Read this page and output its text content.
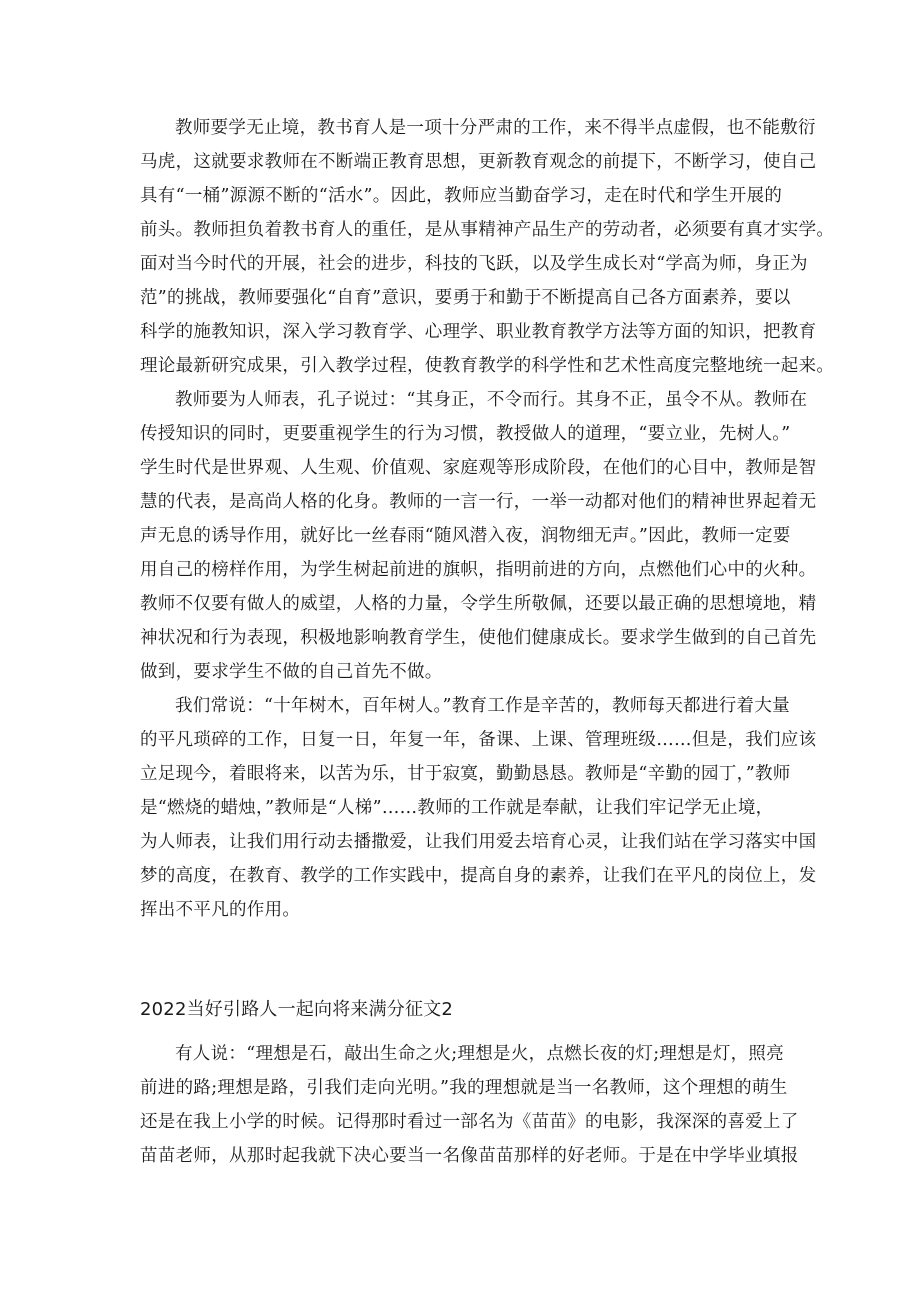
教师要学无止境，教书育人是一项十分严肃的工作，来不得半点虚假，也不能敷衍
马虎，这就要求教师在不断端正教育思想，更新教育观念的前提下，不断学习，使自己
具有“一桶”源源不断的“活水”。因此，教师应当勤奋学习，走在时代和学生开展的
前头。教师担负着教书育人的重任，是从事精神产品生产的劳动者，必须要有真才实学。
面对当今时代的开展，社会的进步，科技的飞跃，以及学生成长对“学高为师，身正为
范”的挑战，教师要强化“自育”意识，要勇于和勤于不断提高自己各方面素养，要以
科学的施教知识，深入学习教育学、心理学、职业教育教学方法等方面的知识，把教育
理论最新研究成果，引入教学过程，使教育教学的科学性和艺术性高度完整地统一起来。
教师要为人师表，孔子说过：“其身正，不令而行。其身不正，虽令不从。教师在
传授知识的同时，更要重视学生的行为习惯，教授做人的道理，“要立业，先树人。”
学生时代是世界观、人生观、价值观、家庭观等形成阶段，在他们的心目中，教师是智
慧的代表，是高尚人格的化身。教师的一言一行，一举一动都对他们的精神世界起着无
声无息的诱导作用，就好比一丝春雨“随风潜入夜，润物细无声。”因此，教师一定要
用自己的榜样作用，为学生树起前进的旗帜，指明前进的方向，点燃他们心中的火种。
教师不仅要有做人的威望，人格的力量，令学生所敬佩，还要以最正确的思想境地，精
神状况和行为表现，积极地影响教育学生，使他们健康成长。要求学生做到的自己首先
做到，要求学生不做的自己首先不做。
我们常说：“十年树木，百年树人。”教育工作是辛苦的，教师每天都进行着大量
的平凡琐碎的工作，日复一日，年复一年，备课、上课、管理班级……但是，我们应该
立足现今，着眼将来，以苦为乐，甘于寂寞，勤勤恳恳。教师是“辛勤的园丁，”教师
是“燃烧的蜡烛，”教师是“人梯”……教师的工作就是奉献，让我们牢记学无止境，
为人师表，让我们用行动去播撒爱，让我们用爱去培育心灵，让我们站在学习落实中国
梦的高度，在教育、教学的工作实践中，提高自身的素养，让我们在平凡的岗位上，发
挥出不平凡的作用。
2022当好引路人一起向将来满分征文2
有人说：“理想是石，敲出生命之火;理想是火，点燃长夜的灯;理想是灯，照亮
前进的路;理想是路，引我们走向光明。”我的理想就是当一名教师，这个理想的萌生
还是在我上小学的时候。记得那时看过一部名为《苗苗》的电影，我深深的喜爱上了
苗苗老师，从那时起我就下决心要当一名像苗苗那样的好老师。于是在中学毕业填报
